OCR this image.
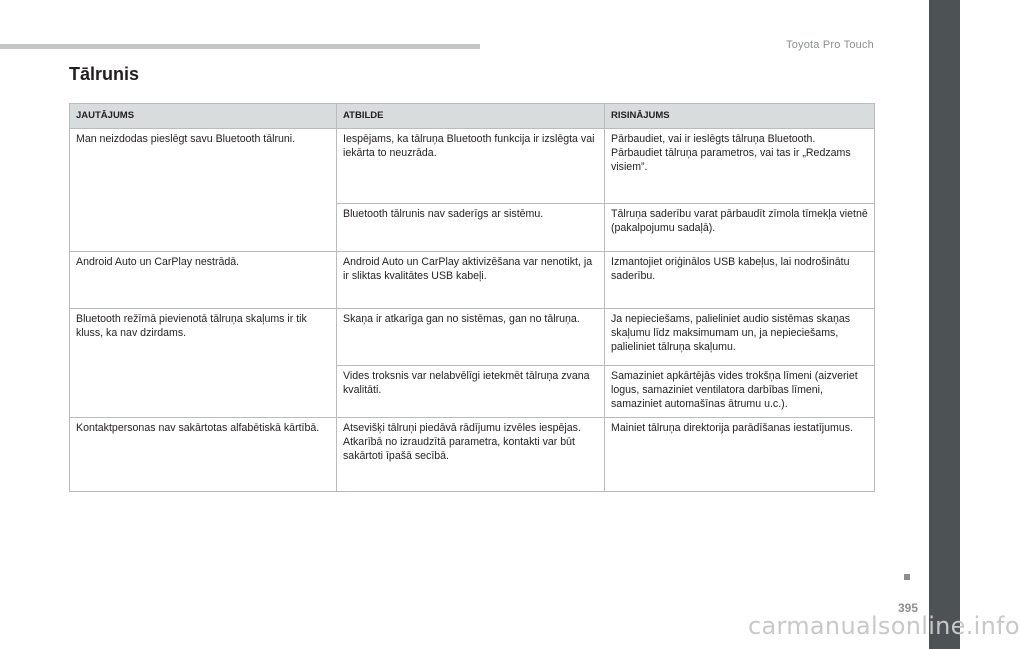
Toyota Pro Touch
Tālrunis
JAUTĀJUMS	ATBILDE	RISINĀJUMS
Man neizdodas pieslēgt savu Bluetooth tālruni.	Iespējams, ka tālruņa Bluetooth funkcija ir izslēgta vai iekārta to neuzrāda.	Pārbaudiet, vai ir ieslēgts tālruņa Bluetooth. Pārbaudiet tālruņa parametros, vai tas ir „Redzams visiem”.
	Bluetooth tālrunis nav saderīgs ar sistēmu.	Tālruņa saderību varat pārbaudīt zīmola tīmekļa vietnē (pakalpojumu sadaļā).
Android Auto un CarPlay nestrādā.	Android Auto un CarPlay aktivizēšana var nenotikt, ja ir sliktas kvalitātes USB kabeļi.	Izmantojiet oriģinālos USB kabeļus, lai nodrošinātu saderību.
Bluetooth režīmā pievienotā tālruņa skaļums ir tik kluss, ka nav dzirdams.	Skaņa ir atkarīga gan no sistēmas, gan no tālruņa.	Ja nepieciešams, palieliniet audio sistēmas skaņas skaļumu līdz maksimumam un, ja nepieciešams, palieliniet tālruņa skaļumu.
	Vides troksnis var nelabvēlīgi ietekmēt tālruņa zvana kvalitāti.	Samaziniet apkārtējās vides trokšņa līmeni (aizveriet logus, samaziniet ventilatora darbības līmeni, samaziniet automašīnas ātrumu u.c.).
Kontaktpersonas nav sakārtotas alfabētiskā kārtībā.	Atsevišķi tālruņi piedāvā rādījumu izvēles iespējas. Atkarībā no izraudzītā parametra, kontakti var būt sakārtoti īpašā secībā.	Mainiet tālruņa direktorija parādīšanas iestatījumus.
395
carmanualsonline.info
